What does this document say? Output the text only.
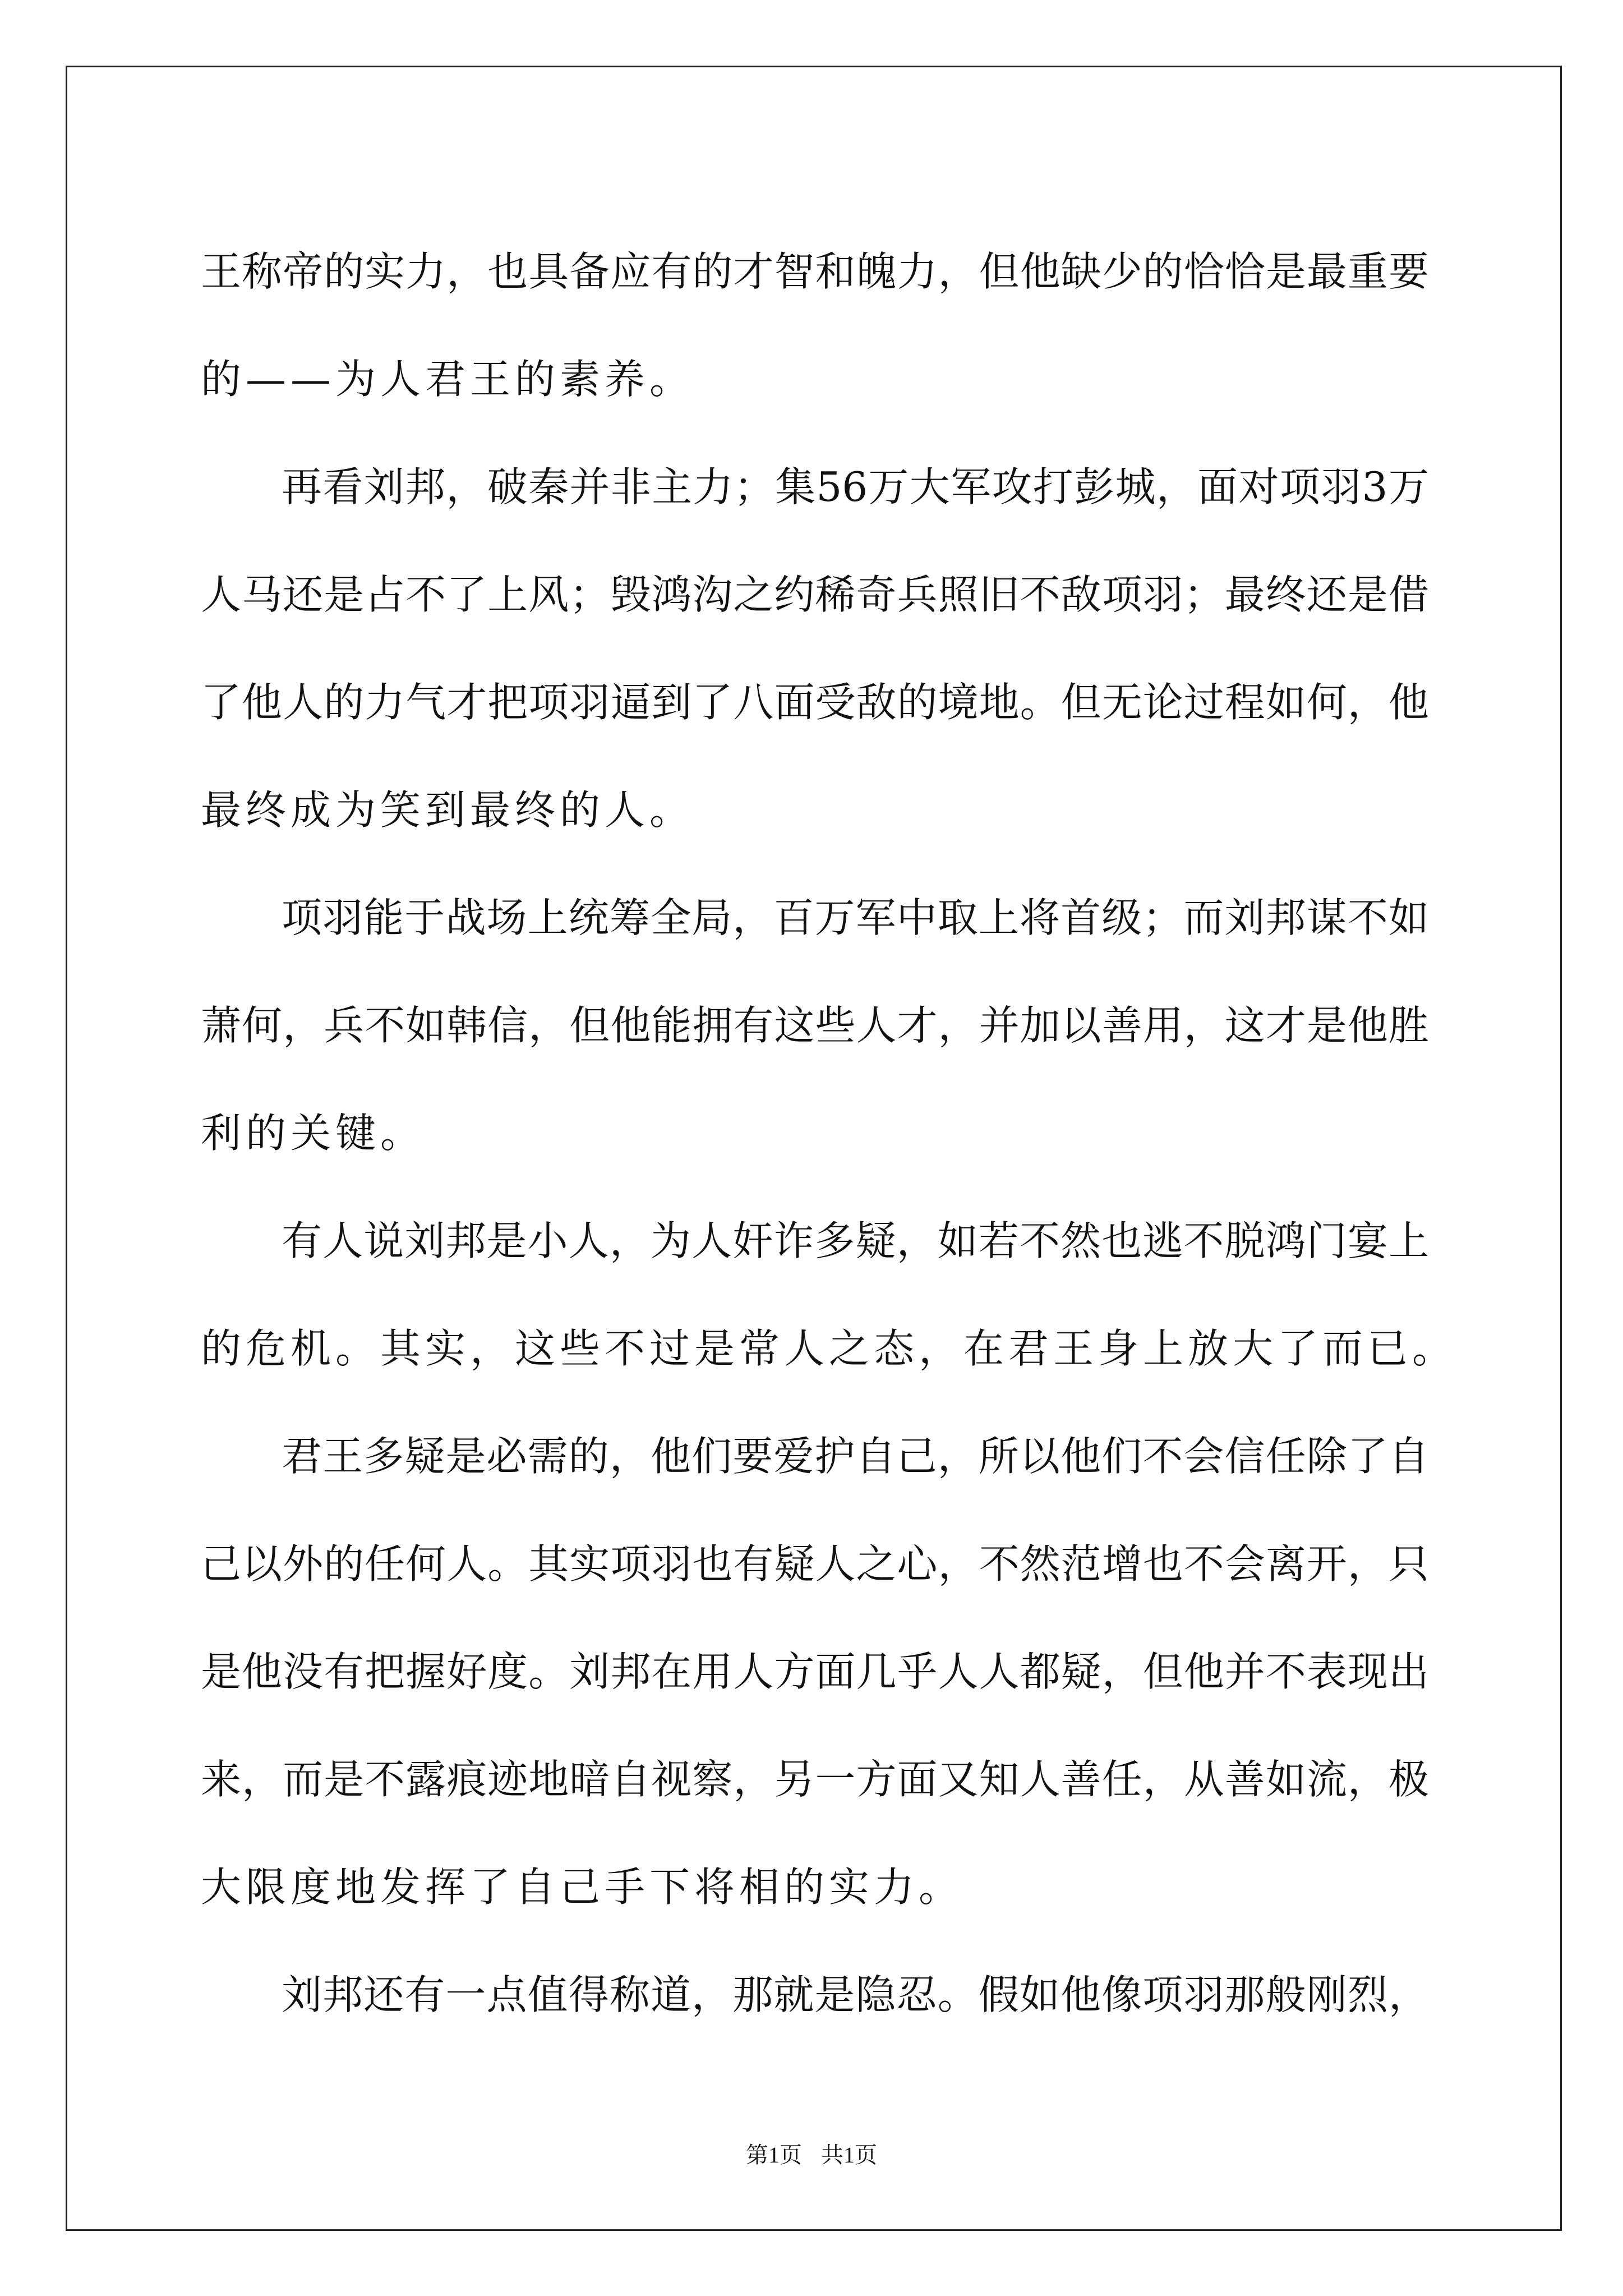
王 称 帝 的 实 力 ， 也 具 备 应 有 的 才 智 和 魄 力 ， 但 他 缺 少 的 恰 恰 是 最 重 要
的——为人君王的素养。
再 看 刘 邦 ， 破 秦 并 非 主 力 ； 集 56 万 大 军 攻 打 彭 城 ， 面 对 项 羽 3 万
人 马 还 是 占 不 了 上 风 ； 毁 鸿 沟 之 约 稀 奇 兵 照 旧 不 敌 项 羽 ； 最 终 还 是 借
了 他 人 的 力 气 才 把 项 羽 逼 到 了 八 面 受 敌 的 境 地 。 但 无 论 过 程 如 何 ， 他
最终成为笑到最终的人。
项 羽 能 于 战 场 上 统 筹 全 局 ， 百 万 军 中 取 上 将 首 级 ； 而 刘 邦 谋 不 如
萧 何 ， 兵 不 如 韩 信 ， 但 他 能 拥 有 这 些 人 才 ， 并 加 以 善 用 ， 这 才 是 他 胜
利的关键。
有 人 说 刘 邦 是 小 人 ， 为 人 奸 诈 多 疑 ， 如 若 不 然 也 逃 不 脱 鸿 门 宴 上
的危机。其实，这些不过是常人之态，在君王身上放大了而已。
君 王 多 疑 是 必 需 的 ， 他 们 要 爱 护 自 己 ， 所 以 他 们 不 会 信 任 除 了 自
己 以 外 的 任 何 人 。 其 实 项 羽 也 有 疑 人 之 心 ， 不 然 范 增 也 不 会 离 开 ， 只
是 他 没 有 把 握 好 度 。 刘 邦 在 用 人 方 面 几 乎 人 人 都 疑 ， 但 他 并 不 表 现 出
来 ， 而 是 不 露 痕 迹 地 暗 自 视 察 ， 另 一 方 面 又 知 人 善 任 ， 从 善 如 流 ， 极
大限度地发挥了自己手下将相的实力。
刘 邦 还 有 一 点 值 得 称 道 ， 那 就 是 隐 忍 。 假 如 他 像 项 羽 那 般 刚 烈 ，
第1页 共1页
